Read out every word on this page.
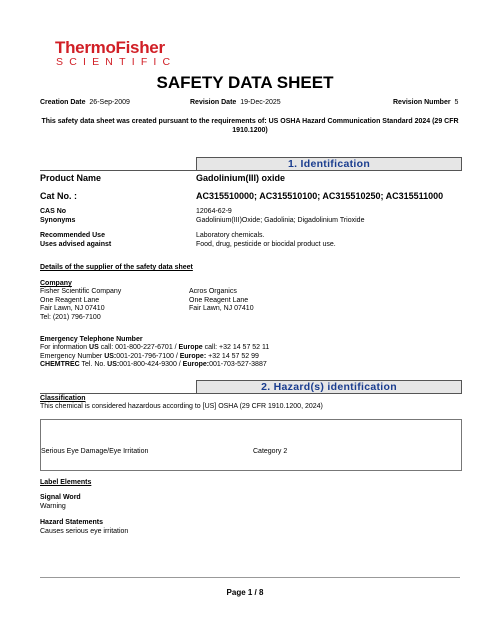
ThermoFisher
SCIENTIFIC
SAFETY DATA SHEET
Creation Date 26-Sep-2009	Revision Date 19-Dec-2025	Revision Number 5
This safety data sheet was created pursuant to the requirements of: US OSHA Hazard Communication Standard 2024 (29 CFR 1910.1200)
1. Identification
Product Name	Gadolinium(III) oxide
Cat No. :	AC315510000; AC315510100; AC315510250; AC315511000
CAS No	12064-62-9
Synonyms	Gadolinium(III)Oxide; Gadolinia; Digadolinium Trioxide
Recommended Use	Laboratory chemicals.
Uses advised against	Food, drug, pesticide or biocidal product use.
Details of the supplier of the safety data sheet
Company
Fisher Scientific Company
One Reagent Lane
Fair Lawn, NJ 07410
Tel: (201) 796-7100
Acros Organics
One Reagent Lane
Fair Lawn, NJ 07410
Emergency Telephone Number
For information US call: 001-800-227-6701 / Europe call: +32 14 57 52 11
Emergency Number US:001-201-796-7100 / Europe: +32 14 57 52 99
CHEMTREC Tel. No. US:001-800-424-9300 / Europe:001-703-527-3887
2. Hazard(s) identification
Classification
This chemical is considered hazardous according to [US] OSHA (29 CFR 1910.1200, 2024)
Serious Eye Damage/Eye Irritation	Category 2
Label Elements
Signal Word
Warning
Hazard Statements
Causes serious eye irritation
Page 1 / 8
